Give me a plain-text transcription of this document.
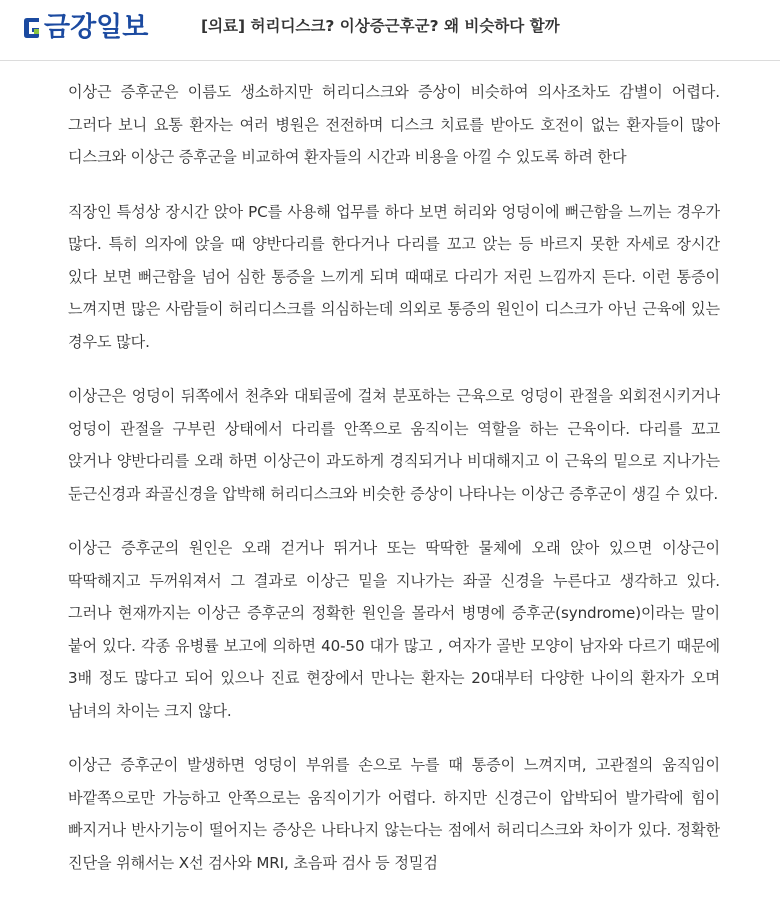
금강일보	[의료] 허리디스크? 이상증근후군? 왜 비슷하다 할까

이상근 증후군은 이름도 생소하지만 허리디스크와 증상이 비슷하여 의사조차도 감별이 어렵다. 그러다 보니 요통 환자는 여러 병원은 전전하며 디스크 치료를 받아도 호전이 없는 환자들이 많아 디스크와 이상근 증후군을 비교하여 환자들의 시간과 비용을 아낄 수 있도록 하려 한다

직장인 특성상 장시간 앉아 PC를 사용해 업무를 하다 보면 허리와 엉덩이에 뻐근함을 느끼는 경우가 많다. 특히 의자에 앉을 때 양반다리를 한다거나 다리를 꼬고 앉는 등 바르지 못한 자세로 장시간 있다 보면 뻐근함을 넘어 심한 통증을 느끼게 되며 때때로 다리가 저린 느낌까지 든다. 이런 통증이 느껴지면 많은 사람들이 허리디스크를 의심하는데 의외로 통증의 원인이 디스크가 아닌 근육에 있는 경우도 많다.

이상근은 엉덩이 뒤쪽에서 천추와 대퇴골에 걸쳐 분포하는 근육으로 엉덩이 관절을 외회전시키거나 엉덩이 관절을 구부린 상태에서 다리를 안쪽으로 움직이는 역할을 하는 근육이다. 다리를 꼬고 앉거나 양반다리를 오래 하면 이상근이 과도하게 경직되거나 비대해지고 이 근육의 밑으로 지나가는 둔근신경과 좌골신경을 압박해 허리디스크와 비슷한 증상이 나타나는 이상근 증후군이 생길 수 있다.

이상근 증후군의 원인은 오래 걷거나 뛰거나 또는 딱딱한 물체에 오래 앉아 있으면 이상근이 딱딱해지고 두꺼워져서 그 결과로 이상근 밑을 지나가는 좌골 신경을 누른다고 생각하고 있다. 그러나 현재까지는 이상근 증후군의 정확한 원인을 몰라서 병명에 증후군(syndrome)이라는 말이 붙어 있다. 각종 유병률 보고에 의하면 40-50 대가 많고 , 여자가 골반 모양이 남자와 다르기 때문에 3배 정도 많다고 되어 있으나 진료 현장에서 만나는 환자는 20대부터 다양한 나이의 환자가 오며 남녀의 차이는 크지 않다.

이상근 증후군이 발생하면 엉덩이 부위를 손으로 누를 때 통증이 느껴지며, 고관절의 움직임이 바깥쪽으로만 가능하고 안쪽으로는 움직이기가 어렵다. 하지만 신경근이 압박되어 발가락에 힘이 빠지거나 반사기능이 떨어지는 증상은 나타나지 않는다는 점에서 허리디스크와 차이가 있다. 정확한 진단을 위해서는 X선 검사와 MRI, 초음파 검사 등 정밀검
